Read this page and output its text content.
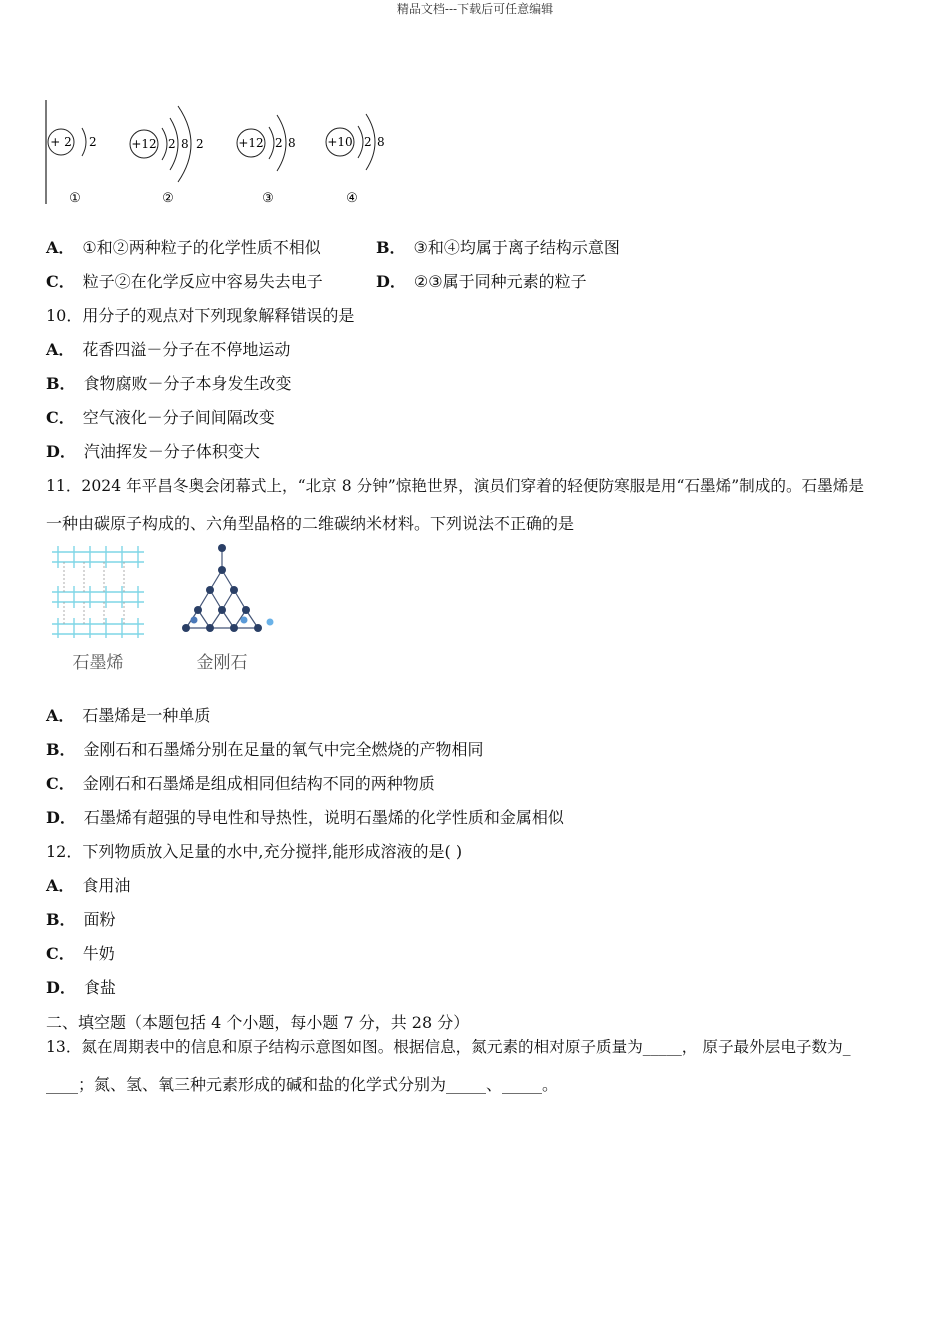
精品文档---下载后可任意编辑
+ 2 2
①
+12 2 8 2
②
+12 2 8
③
+10 2 8
④
A． ①和②两种粒子的化学性质不相似	B． ③和④均属于离子结构示意图
C． 粒子②在化学反应中容易失去电子	D． ②③属于同种元素的粒子
10．用分子的观点对下列现象解释错误的是
A． 花香四溢－分子在不停地运动
B． 食物腐败－分子本身发生改变
C． 空气液化－分子间间隔改变
D． 汽油挥发－分子体积变大
11．2024 年平昌冬奥会闭幕式上，“北京 8 分钟”惊艳世界，演员们穿着的轻便防寒服是用“石墨烯”制成的。石墨烯是
一种由碳原子构成的、六角型晶格的二维碳纳米材料。下列说法不正确的是
石墨烯	金刚石
A． 石墨烯是一种单质
B． 金刚石和石墨烯分别在足量的氧气中完全燃烧的产物相同
C． 金刚石和石墨烯是组成相同但结构不同的两种物质
D． 石墨烯有超强的导电性和导热性，说明石墨烯的化学性质和金属相似
12．下列物质放入足量的水中,充分搅拌,能形成溶液的是( )
A． 食用油
B． 面粉
C． 牛奶
D． 食盐
二、填空题（本题包括 4 个小题，每小题 7 分，共 28 分）
13．氮在周期表中的信息和原子结构示意图如图。根据信息，氮元素的相对原子质量为_____， 原子最外层电子数为_
____；氮、氢、氧三种元素形成的碱和盐的化学式分别为_____、_____。
